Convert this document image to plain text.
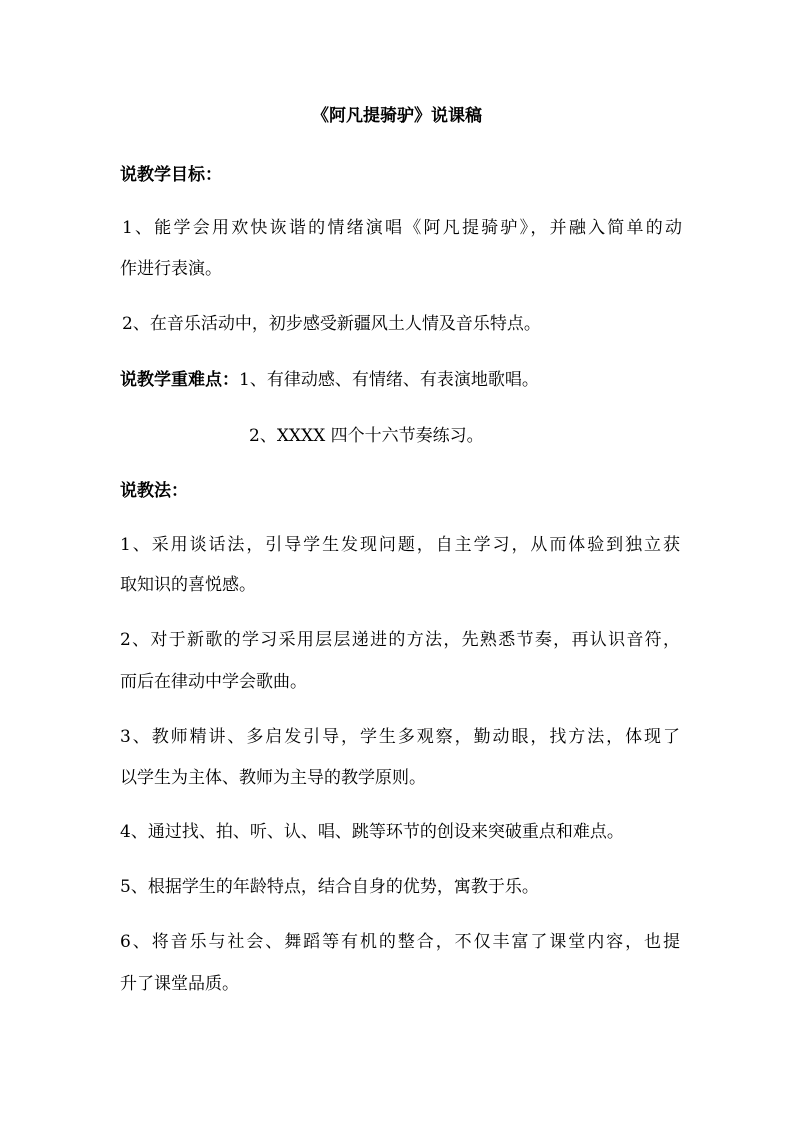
《阿凡提骑驴》说课稿
说教学目标：
1、能学会用欢快诙谐的情绪演唱《阿凡提骑驴》，并融入简单的动
作进行表演。
2、在音乐活动中，初步感受新疆风土人情及音乐特点。
说教学重难点：1、有律动感、有情绪、有表演地歌唱。
2、XXXX 四个十六节奏练习。
说教法：
1、采用谈话法，引导学生发现问题，自主学习，从而体验到独立获
取知识的喜悦感。
2、对于新歌的学习采用层层递进的方法，先熟悉节奏，再认识音符，
而后在律动中学会歌曲。
3、教师精讲、多启发引导，学生多观察，勤动眼，找方法，体现了
以学生为主体、教师为主导的教学原则。
4、通过找、拍、听、认、唱、跳等环节的创设来突破重点和难点。
5、根据学生的年龄特点，结合自身的优势，寓教于乐。
6、将音乐与社会、舞蹈等有机的整合，不仅丰富了课堂内容，也提
升了课堂品质。
